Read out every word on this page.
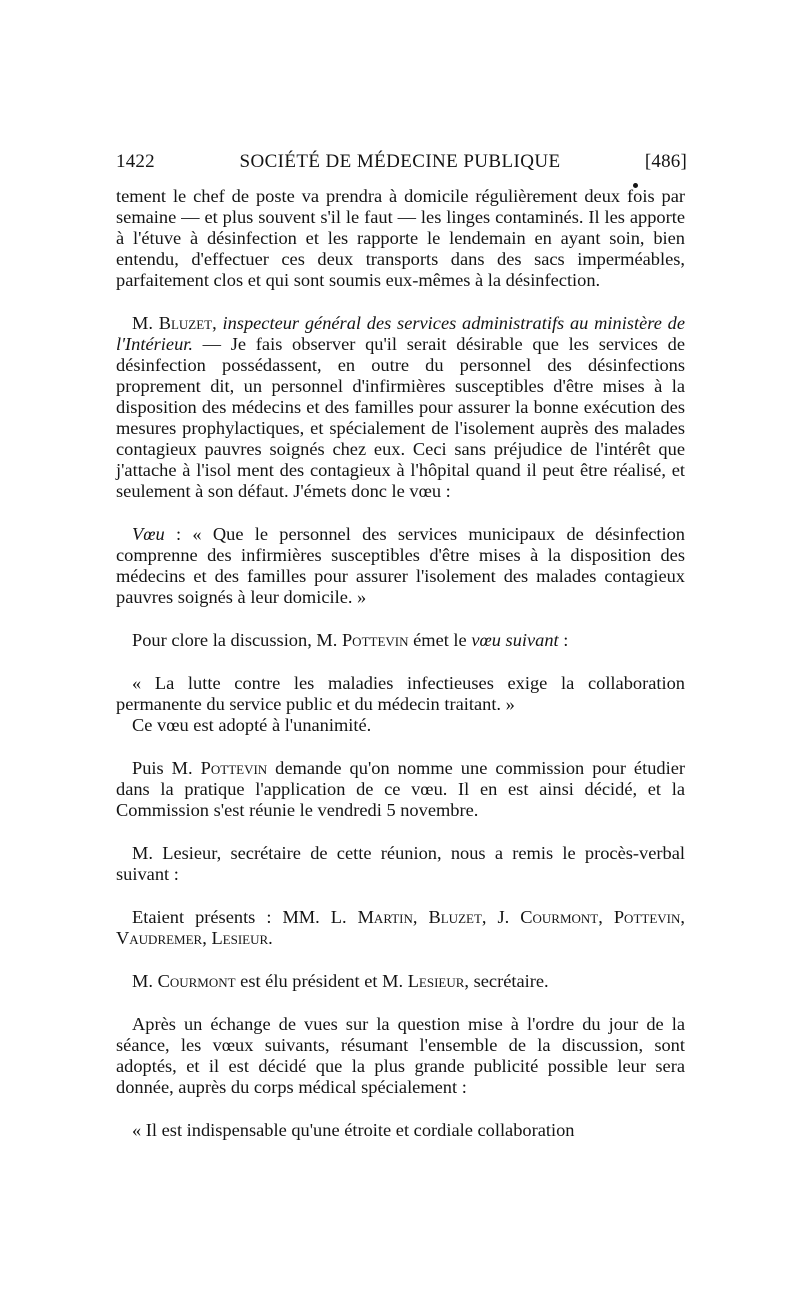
1422	SOCIÉTÉ DE MÉDECINE PUBLIQUE	[486]

tement le chef de poste va prendra à domicile régulièrement deux fois par semaine — et plus souvent s'il le faut — les linges contaminés. Il les apporte à l'étuve à désinfection et les rapporte le lendemain en ayant soin, bien entendu, d'effectuer ces deux transports dans des sacs imperméables, parfaitement clos et qui sont soumis eux-mêmes à la désinfection.

M. Bluzet, inspecteur général des services administratifs au ministère de l'Intérieur. — Je fais observer qu'il serait désirable que les services de désinfection possédassent, en outre du personnel des désinfections proprement dit, un personnel d'infirmières susceptibles d'être mises à la disposition des médecins et des familles pour assurer la bonne exécution des mesures prophylactiques, et spécialement de l'isolement auprès des malades contagieux pauvres soignés chez eux. Ceci sans préjudice de l'intérêt que j'attache à l'isol ment des contagieux à l'hôpital quand il peut être réalisé, et seulement à son défaut. J'émets donc le vœu :

Vœu : « Que le personnel des services municipaux de désinfection comprenne des infirmières susceptibles d'être mises à la disposition des médecins et des familles pour assurer l'isolement des malades contagieux pauvres soignés à leur domicile. »

Pour clore la discussion, M. Pottevin émet le vœu suivant :

« La lutte contre les maladies infectieuses exige la collaboration permanente du service public et du médecin traitant. »

Ce vœu est adopté à l'unanimité.

Puis M. Pottevin demande qu'on nomme une commission pour étudier dans la pratique l'application de ce vœu. Il en est ainsi décidé, et la Commission s'est réunie le vendredi 5 novembre.

M. Lesieur, secrétaire de cette réunion, nous a remis le procès-verbal suivant :

Etaient présents : MM. L. Martin, Bluzet, J. Courmont, Pottevin, Vaudremer, Lesieur.

M. Courmont est élu président et M. Lesieur, secrétaire.

Après un échange de vues sur la question mise à l'ordre du jour de la séance, les vœux suivants, résumant l'ensemble de la discussion, sont adoptés, et il est décidé que la plus grande publicité possible leur sera donnée, auprès du corps médical spécialement :

« Il est indispensable qu'une étroite et cordiale collaboration
